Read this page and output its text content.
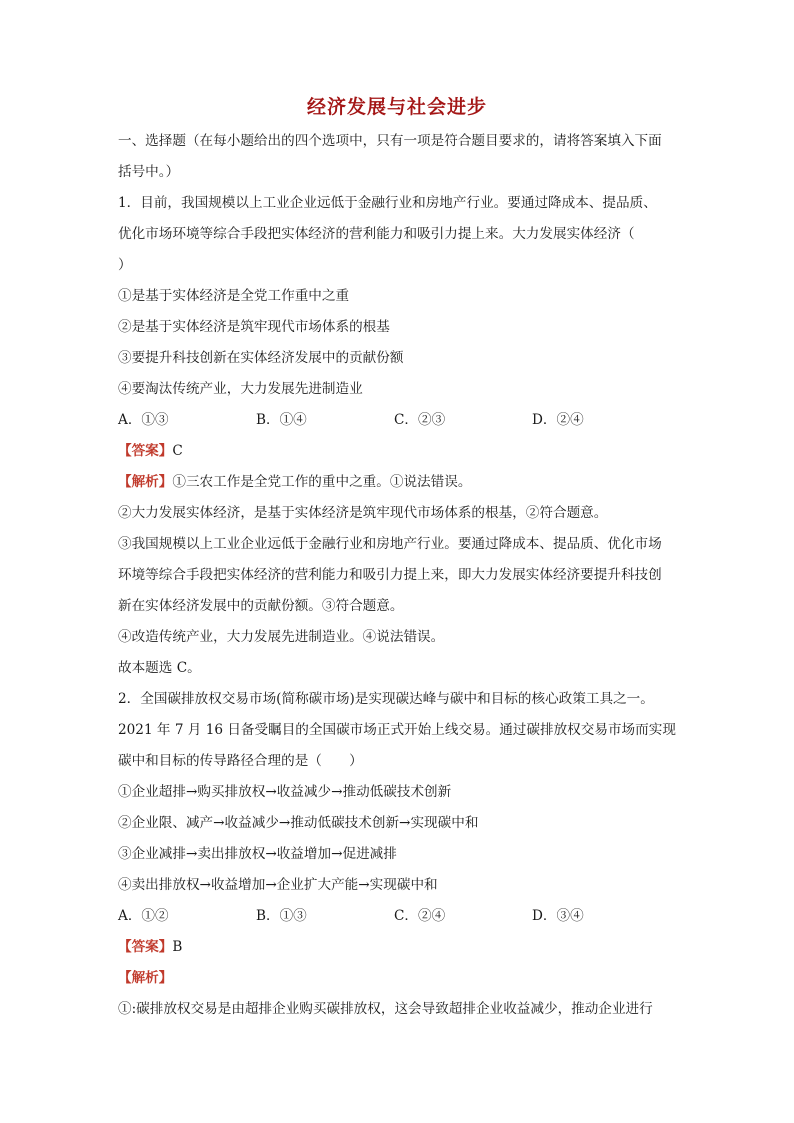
经济发展与社会进步
一、选择题（在每小题给出的四个选项中，只有一项是符合题目要求的，请将答案填入下面
括号中。）
1．目前，我国规模以上工业企业远低于金融行业和房地产行业。要通过降成本、提品质、
优化市场环境等综合手段把实体经济的营利能力和吸引力提上来。大力发展实体经济（
）
①是基于实体经济是全党工作重中之重
②是基于实体经济是筑牢现代市场体系的根基
③要提升科技创新在实体经济发展中的贡献份额
④要淘汰传统产业，大力发展先进制造业
A．①③	B．①④	C．②③	D．②④
【答案】C
【解析】①三农工作是全党工作的重中之重。①说法错误。
②大力发展实体经济，是基于实体经济是筑牢现代市场体系的根基，②符合题意。
③我国规模以上工业企业远低于金融行业和房地产行业。要通过降成本、提品质、优化市场
环境等综合手段把实体经济的营利能力和吸引力提上来，即大力发展实体经济要提升科技创
新在实体经济发展中的贡献份额。③符合题意。
④改造传统产业，大力发展先进制造业。④说法错误。
故本题选 C。
2．全国碳排放权交易市场(简称碳市场)是实现碳达峰与碳中和目标的核心政策工具之一。
2021 年 7 月 16 日备受瞩目的全国碳市场正式开始上线交易。通过碳排放权交易市场而实现
碳中和目标的传导路径合理的是（　　）
①企业超排→购买排放权→收益减少→推动低碳技术创新
②企业限、减产→收益减少→推动低碳技术创新→实现碳中和
③企业减排→卖出排放权→收益增加→促进减排
④卖出排放权→收益增加→企业扩大产能→实现碳中和
A．①②	B．①③	C．②④	D．③④
【答案】B
【解析】
①:碳排放权交易是由超排企业购买碳排放权，这会导致超排企业收益减少，推动企业进行
